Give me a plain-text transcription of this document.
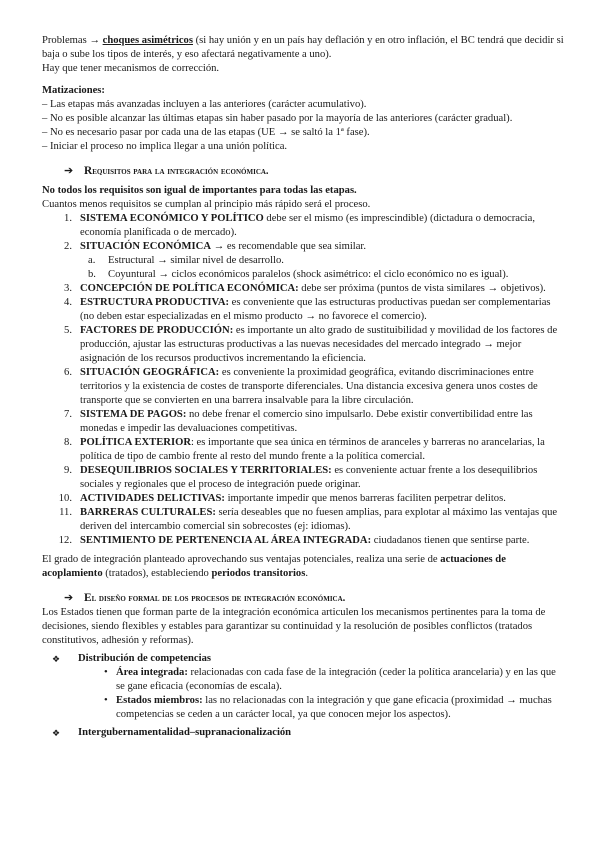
Problemas → choques asimétricos (si hay unión y en un país hay deflación y en otro inflación, el BC tendrá que decidir si baja o sube los tipos de interés, y eso afectará negativamente a uno).

Hay que tener mecanismos de corrección.

Matizaciones:

– Las etapas más avanzadas incluyen a las anteriores (carácter acumulativo).

– No es posible alcanzar las últimas etapas sin haber pasado por la mayoría de las anteriores (carácter gradual).

– No es necesario pasar por cada una de las etapas (UE → se saltó la 1ª fase).

– Iniciar el proceso no implica llegar a una unión política.

➔	Requisitos para la integración económica.

No todos los requisitos son igual de importantes para todas las etapas.

Cuantos menos requisitos se cumplan al principio más rápido será el proceso.

1. SISTEMA ECONÓMICO Y POLÍTICO debe ser el mismo (es imprescindible) (dictadura o democracia, economía planificada o de mercado).
2. SITUACIÓN ECONÓMICA → es recomendable que sea similar.
a.	Estructural → similar nivel de desarrollo.
b.	Coyuntural → ciclos económicos paralelos (shock asimétrico: el ciclo económico no es igual).
3. CONCEPCIÓN DE POLÍTICA ECONÓMICA: debe ser próxima (puntos de vista similares → objetivos).
4. ESTRUCTURA PRODUCTIVA: es conveniente que las estructuras productivas puedan ser complementarias (no deben estar especializadas en el mismo producto → no favorece el comercio).
5. FACTORES DE PRODUCCIÓN: es importante un alto grado de sustituibilidad y movilidad de los factores de producción, ajustar las estructuras productivas a las nuevas necesidades del mercado integrado → mejor asignación de los recursos productivos incrementando la eficiencia.
6. SITUACIÓN GEOGRÁFICA: es conveniente la proximidad geográfica, evitando discriminaciones entre territorios y la existencia de costes de transporte diferenciales. Una distancia excesiva genera unos costes de transporte que se convierten en una barrera insalvable para la libre circulación.
7. SISTEMA DE PAGOS: no debe frenar el comercio sino impulsarlo. Debe existir convertibilidad entre las monedas e impedir las devaluaciones competitivas.
8. POLÍTICA EXTERIOR: es importante que sea única en términos de aranceles y barreras no arancelarias, la política de tipo de cambio frente al resto del mundo frente a la política comercial.
9. DESEQUILIBRIOS SOCIALES Y TERRITORIALES: es conveniente actuar frente a los desequilibrios sociales y regionales que el proceso de integración puede originar.
10. ACTIVIDADES DELICTIVAS: importante impedir que menos barreras faciliten perpetrar delitos.
11. BARRERAS CULTURALES: sería deseables que no fuesen amplias, para explotar al máximo las ventajas que deriven del intercambio comercial sin sobrecostes (ej: idiomas).
12. SENTIMIENTO DE PERTENENCIA AL ÁREA INTEGRADA: ciudadanos tienen que sentirse parte.

El grado de integración planteado aprovechando sus ventajas potenciales, realiza una serie de actuaciones de acoplamiento (tratados), estableciendo periodos transitorios.

➔	El diseño formal de los procesos de integración económica.

Los Estados tienen que forman parte de la integración económica articulen los mecanismos pertinentes para la toma de decisiones, siendo flexibles y estables para garantizar su continuidad y la resolución de posibles conflictos (tratados constitutivos, adhesión y reformas).

❖	Distribución de competencias
• Área integrada: relacionadas con cada fase de la integración (ceder la política arancelaria) y en las que se gane eficacia (economías de escala).
• Estados miembros: las no relacionadas con la integración y que gane eficacia (proximidad → muchas competencias se ceden a un carácter local, ya que conocen mejor los aspectos).
❖	Intergubernamentalidad–supranacionalización
